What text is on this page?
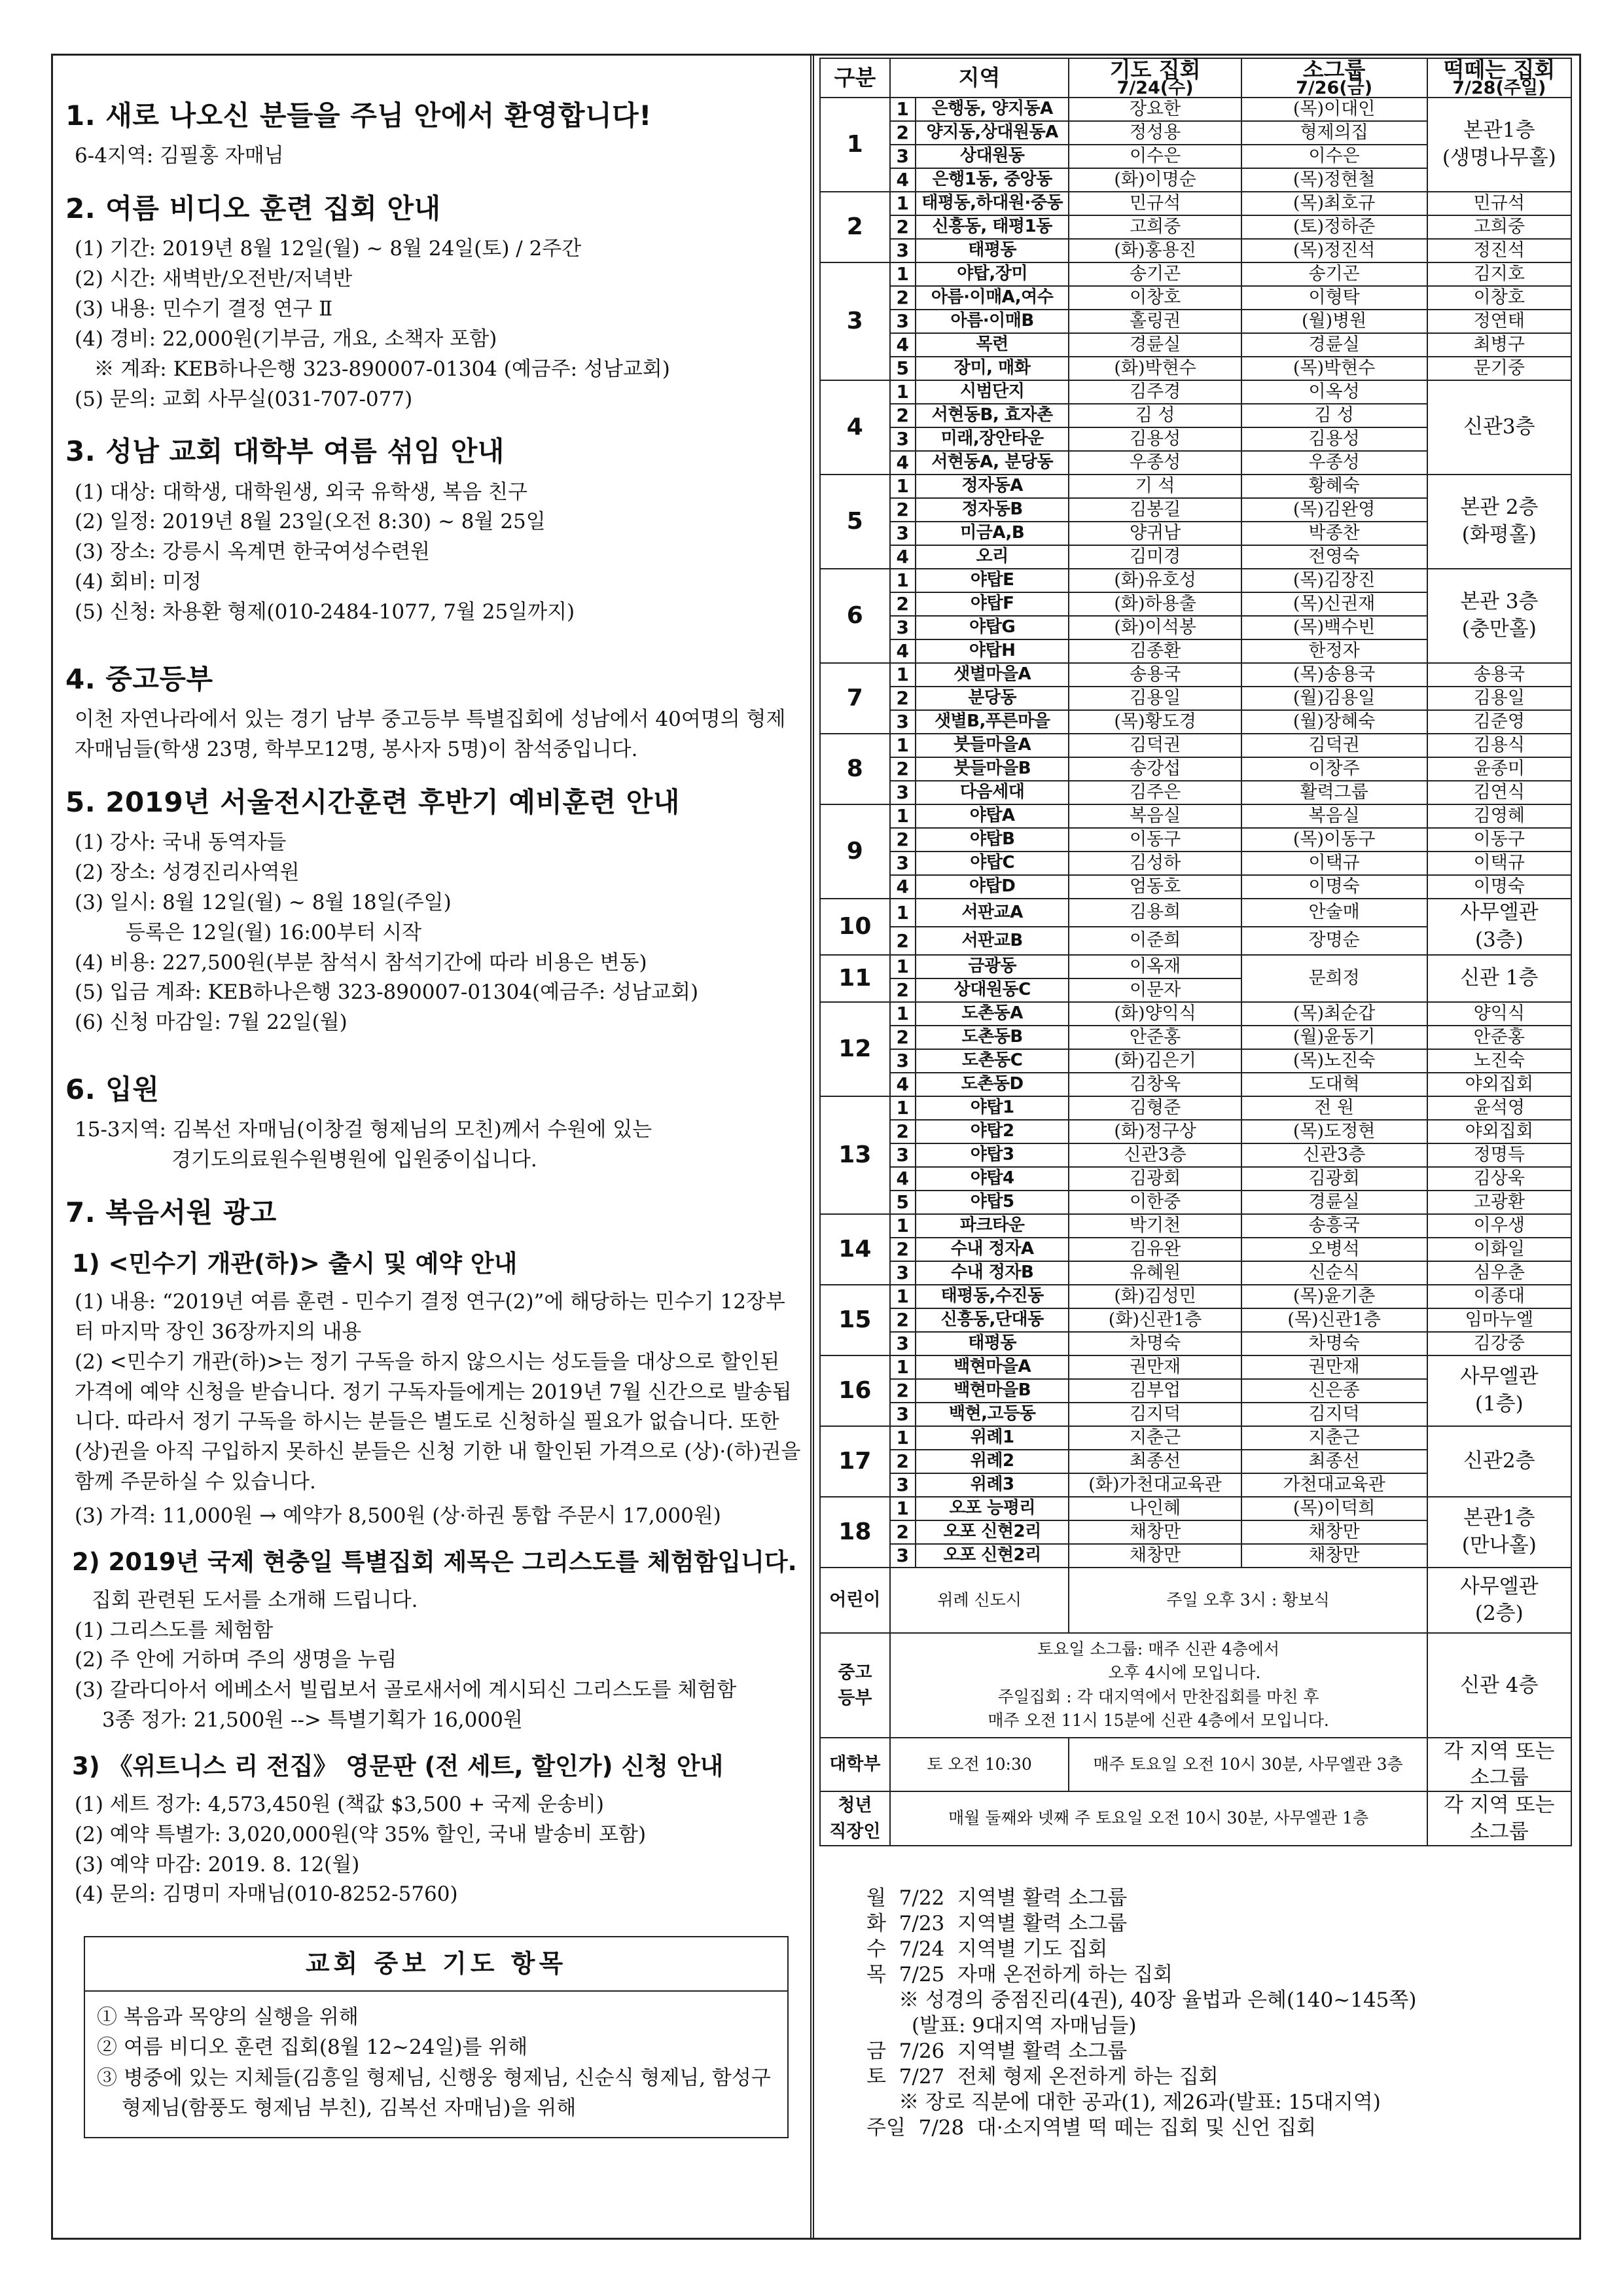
1. 새로 나오신 분들을 주님 안에서 환영합니다!
6-4지역: 김필홍 자매님
2. 여름 비디오 훈련 집회 안내
(1) 기간: 2019년 8월 12일(월) ~ 8월 24일(토) / 2주간
(2) 시간: 새벽반/오전반/저녁반
(3) 내용: 민수기 결정 연구 Ⅱ
(4) 경비: 22,000원(기부금, 개요, 소책자 포함)
※ 계좌: KEB하나은행 323-890007-01304 (예금주: 성남교회)
(5) 문의: 교회 사무실(031-707-077)
3. 성남 교회 대학부 여름 섞임 안내
(1) 대상: 대학생, 대학원생, 외국 유학생, 복음 친구
(2) 일정: 2019년 8월 23일(오전 8:30) ~ 8월 25일
(3) 장소: 강릉시 옥계면 한국여성수련원
(4) 회비: 미정
(5) 신청: 차용환 형제(010-2484-1077, 7월 25일까지)
4. 중고등부
이천 자연나라에서 있는 경기 남부 중고등부 특별집회에 성남에서 40여명의 형제 자매님들(학생 23명, 학부모12명, 봉사자 5명)이 참석중입니다.
5. 2019년 서울전시간훈련 후반기 예비훈련 안내
(1) 강사: 국내 동역자들
(2) 장소: 성경진리사역원
(3) 일시: 8월 12일(월) ~ 8월 18일(주일)
등록은 12일(월) 16:00부터 시작
(4) 비용: 227,500원(부분 참석시 참석기간에 따라 비용은 변동)
(5) 입금 계좌: KEB하나은행 323-890007-01304(예금주: 성남교회)
(6) 신청 마감일: 7월 22일(월)
6. 입원
15-3지역: 김복선 자매님(이창걸 형제님의 모친)께서 수원에 있는
경기도의료원수원병원에 입원중이십니다.
7. 복음서원 광고
1) <민수기 개관(하)> 출시 및 예약 안내
(1) 내용: “2019년 여름 훈련 - 민수기 결정 연구(2)”에 해당하는 민수기 12장부터 마지막 장인 36장까지의 내용
(2) <민수기 개관(하)>는 정기 구독을 하지 않으시는 성도들을 대상으로 할인된 가격에 예약 신청을 받습니다. 정기 구독자들에게는 2019년 7월 신간으로 발송됩니다. 따라서 정기 구독을 하시는 분들은 별도로 신청하실 필요가 없습니다. 또한 (상)권을 아직 구입하지 못하신 분들은 신청 기한 내 할인된 가격으로 (상)·(하)권을 함께 주문하실 수 있습니다.
(3) 가격: 11,000원 → 예약가 8,500원 (상·하권 통합 주문시 17,000원)
2) 2019년 국제 현충일 특별집회 제목은 그리스도를 체험함입니다.
집회 관련된 도서를 소개해 드립니다.
(1) 그리스도를 체험함
(2) 주 안에 거하며 주의 생명을 누림
(3) 갈라디아서 에베소서 빌립보서 골로새서에 계시되신 그리스도를 체험함
3종 정가: 21,500원 --> 특별기획가 16,000원
3) 《위트니스 리 전집》 영문판 (전 세트, 할인가) 신청 안내
(1) 세트 정가: 4,573,450원 (책값 $3,500 + 국제 운송비)
(2) 예약 특별가: 3,020,000원(약 35% 할인, 국내 발송비 포함)
(3) 예약 마감: 2019. 8. 12(월)
(4) 문의: 김명미 자매님(010-8252-5760)
교회 중보 기도 항목
① 복음과 목양의 실행을 위해
② 여름 비디오 훈련 집회(8월 12~24일)를 위해
③ 병중에 있는 지체들(김흥일 형제님, 신행웅 형제님, 신순식 형제님, 함성구 형제님(함풍도 형제님 부친), 김복선 자매님)을 위해
구분	지역		기도 집회
7/24(수)	소그룹
7/26(금)	떡떼는 집회
7/28(주일)

1	1	은행동, 양지동A	장요한	(목)이대인	본관1층
(생명나무홀)
	2	양지동,상대원동A	정성용	형제의집	
	3	상대원동	이수은	이수은	
	4	은행1동, 중앙동	(화)이명순	(목)정현철	
2	1	태평동,하대원·중동	민규석	(목)최호규	민규석
	2	신흥동, 태평1동	고희중	(토)정하준	고희중
	3	태평동	(화)홍용진	(목)정진석	정진석
3	1	야탑,장미	송기곤	송기곤	김지호
	2	아름·이매A,여수	이창호	이형탁	이창호
	3	아름·이매B	홀링권	(월)병원	정연태
	4	목련	경륜실	경륜실	최병구
	5	장미, 매화	(화)박현수	(목)박현수	문기중
4	1	시범단지	김주경	이옥성	신관3층
	2	서현동B, 효자촌	김 성	김 성	
	3	미래,장안타운	김용성	김용성	
	4	서현동A, 분당동	우종성	우종성	
5	1	정자동A	기 석	황혜숙	본관 2층
(화평홀)
	2	정자동B	김봉길	(목)김완영	
	3	미금A,B	양귀남	박종찬	
	4	오리	김미경	전영숙	
6	1	야탑E	(화)유호성	(목)김장진	본관 3층
(충만홀)
	2	야탑F	(화)하용출	(목)신권재	
	3	야탑G	(화)이석봉	(목)백수빈	
	4	야탑H	김종환	한정자	
7	1	샛별마을A	송용국	(목)송용국	송용국
	2	분당동	김용일	(월)김용일	김용일
	3	샛별B,푸른마을	(목)황도경	(월)장혜숙	김준영
8	1	붓들마을A	김덕권	김덕권	김용식
	2	붓들마을B	송강섭	이창주	윤종미
	3	다음세대	김주은	활력그룹	김연식
9	1	야탑A	복음실	복음실	김영혜
	2	야탑B	이동구	(목)이동구	이동구
	3	야탑C	김성하	이택규	이택규
	4	야탑D	엄동호	이명숙	이명숙
10	1	서판교A	김용희	안술매	사무엘관
(3층)
	2	서판교B	이준희	장명순	
11	1	금광동	이옥재	문희정	신관 1층
	2	상대원동C	이문자		
12	1	도촌동A	(화)양익식	(목)최순갑	양익식
	2	도촌동B	안준홍	(월)윤동기	안준홍
	3	도촌동C	(화)김은기	(목)노진숙	노진숙
	4	도촌동D	김창욱	도대혁	야외집회
13	1	야탑1	김형준	전 원	윤석영
	2	야탑2	(화)정구상	(목)도정현	야외집회
	3	야탑3	신관3층	신관3층	정명득
	4	야탑4	김광회	김광회	김상욱
	5	야탑5	이한중	경륜실	고광환
14	1	파크타운	박기천	송흥국	이우생
	2	수내 정자A	김유완	오병석	이화일
	3	수내 정자B	유혜원	신순식	심우춘
15	1	태평동,수진동	(화)김성민	(목)윤기춘	이종대
	2	신흥동,단대동	(화)신관1층	(목)신관1층	임마누엘
	3	태평동	차명숙	차명숙	김강중
16	1	백현마을A	권만재	권만재	사무엘관
(1층)
	2	백현마을B	김부업	신은종	
	3	백현,고등동	김지덕	김지덕	
17	1	위례1	지춘근	지춘근	신관2층
	2	위례2	최종선	최종선	
	3	위례3	(화)가천대교육관	가천대교육관	
18	1	오포 능평리	나인혜	(목)이덕희	본관1층
(만나홀)
	2	오포 신현2리	채창만	채창만	
	3	오포 신현2리	채창만	채창만	
어린이	위례 신도시		주일 오후 3시 : 황보식		사무엘관
(2층)
중고
등부	토요일 소그룹: 매주 신관 4층에서
오후 4시에 모입니다.
주일집회 : 각 대지역에서 만찬집회를 마친 후
매주 오전 11시 15분에 신관 4층에서 모입니다.				신관 4층
대학부	토 오전 10:30		매주 토요일 오전 10시 30분, 사무엘관 3층		각 지역 또는
소그룹
청년
직장인	매월 둘째와 넷째 주 토요일 오전 10시 30분, 사무엘관 1층				각 지역 또는
소그룹
월  7/22  지역별 활력 소그룹
화  7/23  지역별 활력 소그룹
수  7/24  지역별 기도 집회
목  7/25  자매 온전하게 하는 집회
※ 성경의 중점진리(4권), 40장 율법과 은혜(140~145쪽)
(발표: 9대지역 자매님들)
금  7/26  지역별 활력 소그룹
토  7/27  전체 형제 온전하게 하는 집회
※ 장로 직분에 대한 공과(1), 제26과(발표: 15대지역)
주일  7/28  대·소지역별 떡 떼는 집회 및 신언 집회
